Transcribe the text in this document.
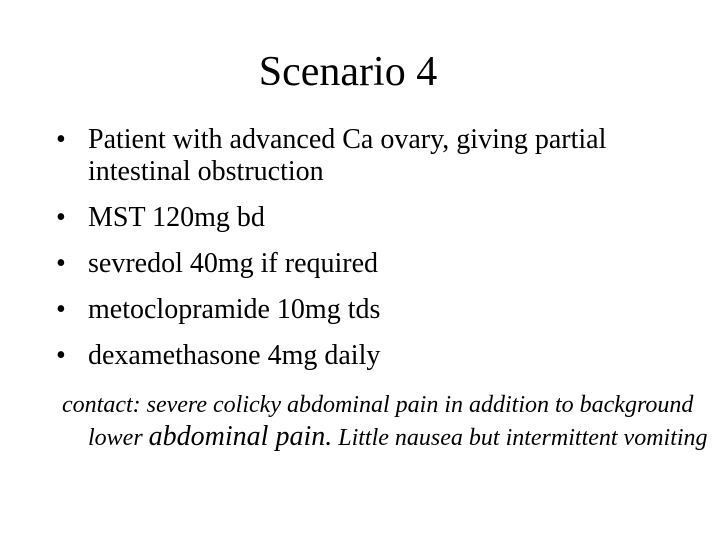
Scenario 4
• Patient with advanced Ca ovary, giving partial intestinal obstruction
• MST 120mg bd
• sevredol 40mg if required
• metoclopramide 10mg tds
• dexamethasone 4mg daily

contact: severe colicky abdominal pain in addition to background lower abdominal pain. Little nausea but intermittent vomiting
